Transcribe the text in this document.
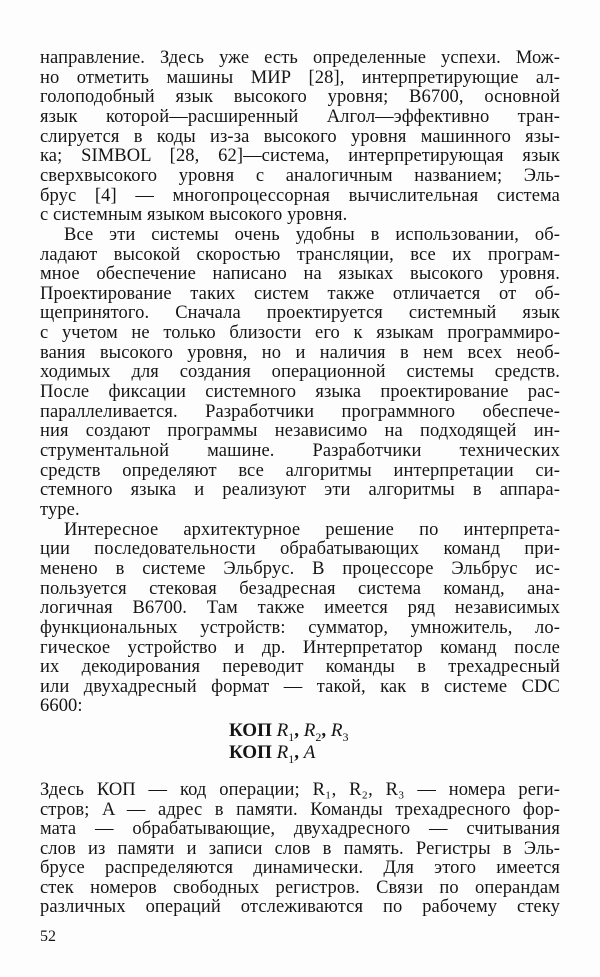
КОП $R_1$, $R_2$, $R_3$
КОП $R_1$, A
52
направление. Здесь уже есть определенные успехи. Мож-
но отметить машины МИР [28], интерпретирующие ал-
голоподобный язык высокого уровня; B6700, основной
язык которой—расширенный Алгол—эффективно тран-
слируется в коды из-за высокого уровня машинного язы-
ка; SIMBOL [28, 62]—система, интерпретирующая язык
сверхвысокого уровня с аналогичным названием; Эль-
брус [4] — многопроцессорная вычислительная система
с системным языком высокого уровня.
Все эти системы очень удобны в использовании, об-
ладают высокой скоростью трансляции, все их програм-
мное обеспечение написано на языках высокого уровня.
Проектирование таких систем также отличается от об-
щепринятого. Сначала проектируется системный язык
с учетом не только близости его к языкам программиро-
вания высокого уровня, но и наличия в нем всех необ-
ходимых для создания операционной системы средств.
После фиксации системного языка проектирование рас-
параллеливается. Разработчики программного обеспече-
ния создают программы независимо на подходящей ин-
струментальной машине. Разработчики технических
средств определяют все алгоритмы интерпретации си-
стемного языка и реализуют эти алгоритмы в аппара-
туре.
Интересное архитектурное решение по интерпрета-
ции последовательности обрабатывающих команд при-
менено в системе Эльбрус. В процессоре Эльбрус ис-
пользуется стековая безадресная система команд, ана-
логичная B6700. Там также имеется ряд независимых
функциональных устройств: сумматор, умножитель, ло-
гическое устройство и др. Интерпретатор команд после
их декодирования переводит команды в трехадресный
или двухадресный формат — такой, как в системе CDC
6600:
Здесь КОП — код операции; R₁, R₂, R₃ — номера реги-
стров; A — адрес в памяти. Команды трехадресного фор-
мата — обрабатывающие, двухадресного — считывания
слов из памяти и записи слов в память. Регистры в Эль-
брусе распределяются динамически. Для этого имеется
стек номеров свободных регистров. Связи по операндам
различных операций отслеживаются по рабочему стеку
